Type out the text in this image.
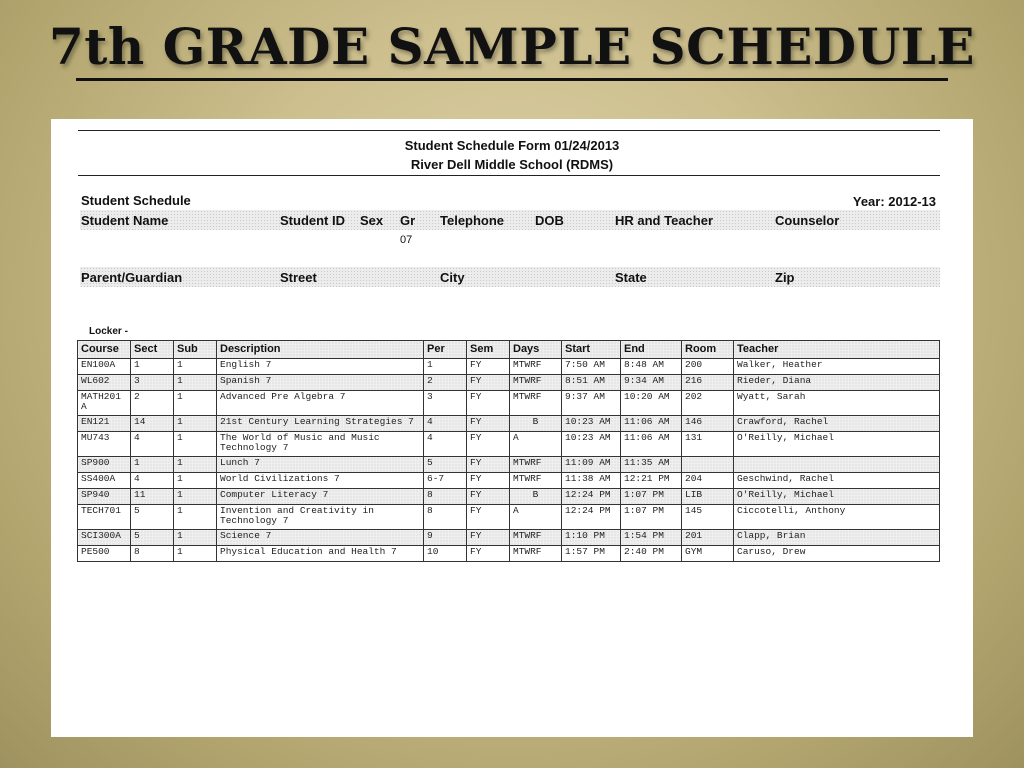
7th GRADE SAMPLE SCHEDULE
Student Schedule Form 01/24/2013
River Dell Middle School (RDMS)
Student Schedule	Year: 2012-13
Student Name	Student ID Sex Gr Telephone DOB	HR and Teacher	Counselor
07
Parent/Guardian	Street	City	State	Zip
Locker -
Course	Sect	Sub	Description	Per	Sem	Days	Start	End	Room	Teacher
EN100A	1	1	English 7	1	FY	MTWRF	7:50 AM	8:48 AM	200	Walker, Heather
WL602	3	1	Spanish 7	2	FY	MTWRF	8:51 AM	9:34 AM	216	Rieder, Diana
MATH201 A	2	1	Advanced Pre Algebra 7	3	FY	MTWRF	9:37 AM	10:20 AM	202	Wyatt, Sarah
EN121	14	1	21st Century Learning Strategies 7	4	FY	B	10:23 AM	11:06 AM	146	Crawford, Rachel
MU743	4	1	The World of Music and Music Technology 7	4	FY	A	10:23 AM	11:06 AM	131	O'Reilly, Michael
SP900	1	1	Lunch 7	5	FY	MTWRF	11:09 AM	11:35 AM		
SS400A	4	1	World Civilizations 7	6-7	FY	MTWRF	11:38 AM	12:21 PM	204	Geschwind, Rachel
SP940	11	1	Computer Literacy 7	8	FY	B	12:24 PM	1:07 PM	LIB	O'Reilly, Michael
TECH701	5	1	Invention and Creativity in Technology 7	8	FY	A	12:24 PM	1:07 PM	145	Ciccotelli, Anthony
SCI300A	5	1	Science 7	9	FY	MTWRF	1:10 PM	1:54 PM	201	Clapp, Brian
PE500	8	1	Physical Education and Health 7	10	FY	MTWRF	1:57 PM	2:40 PM	GYM	Caruso, Drew
